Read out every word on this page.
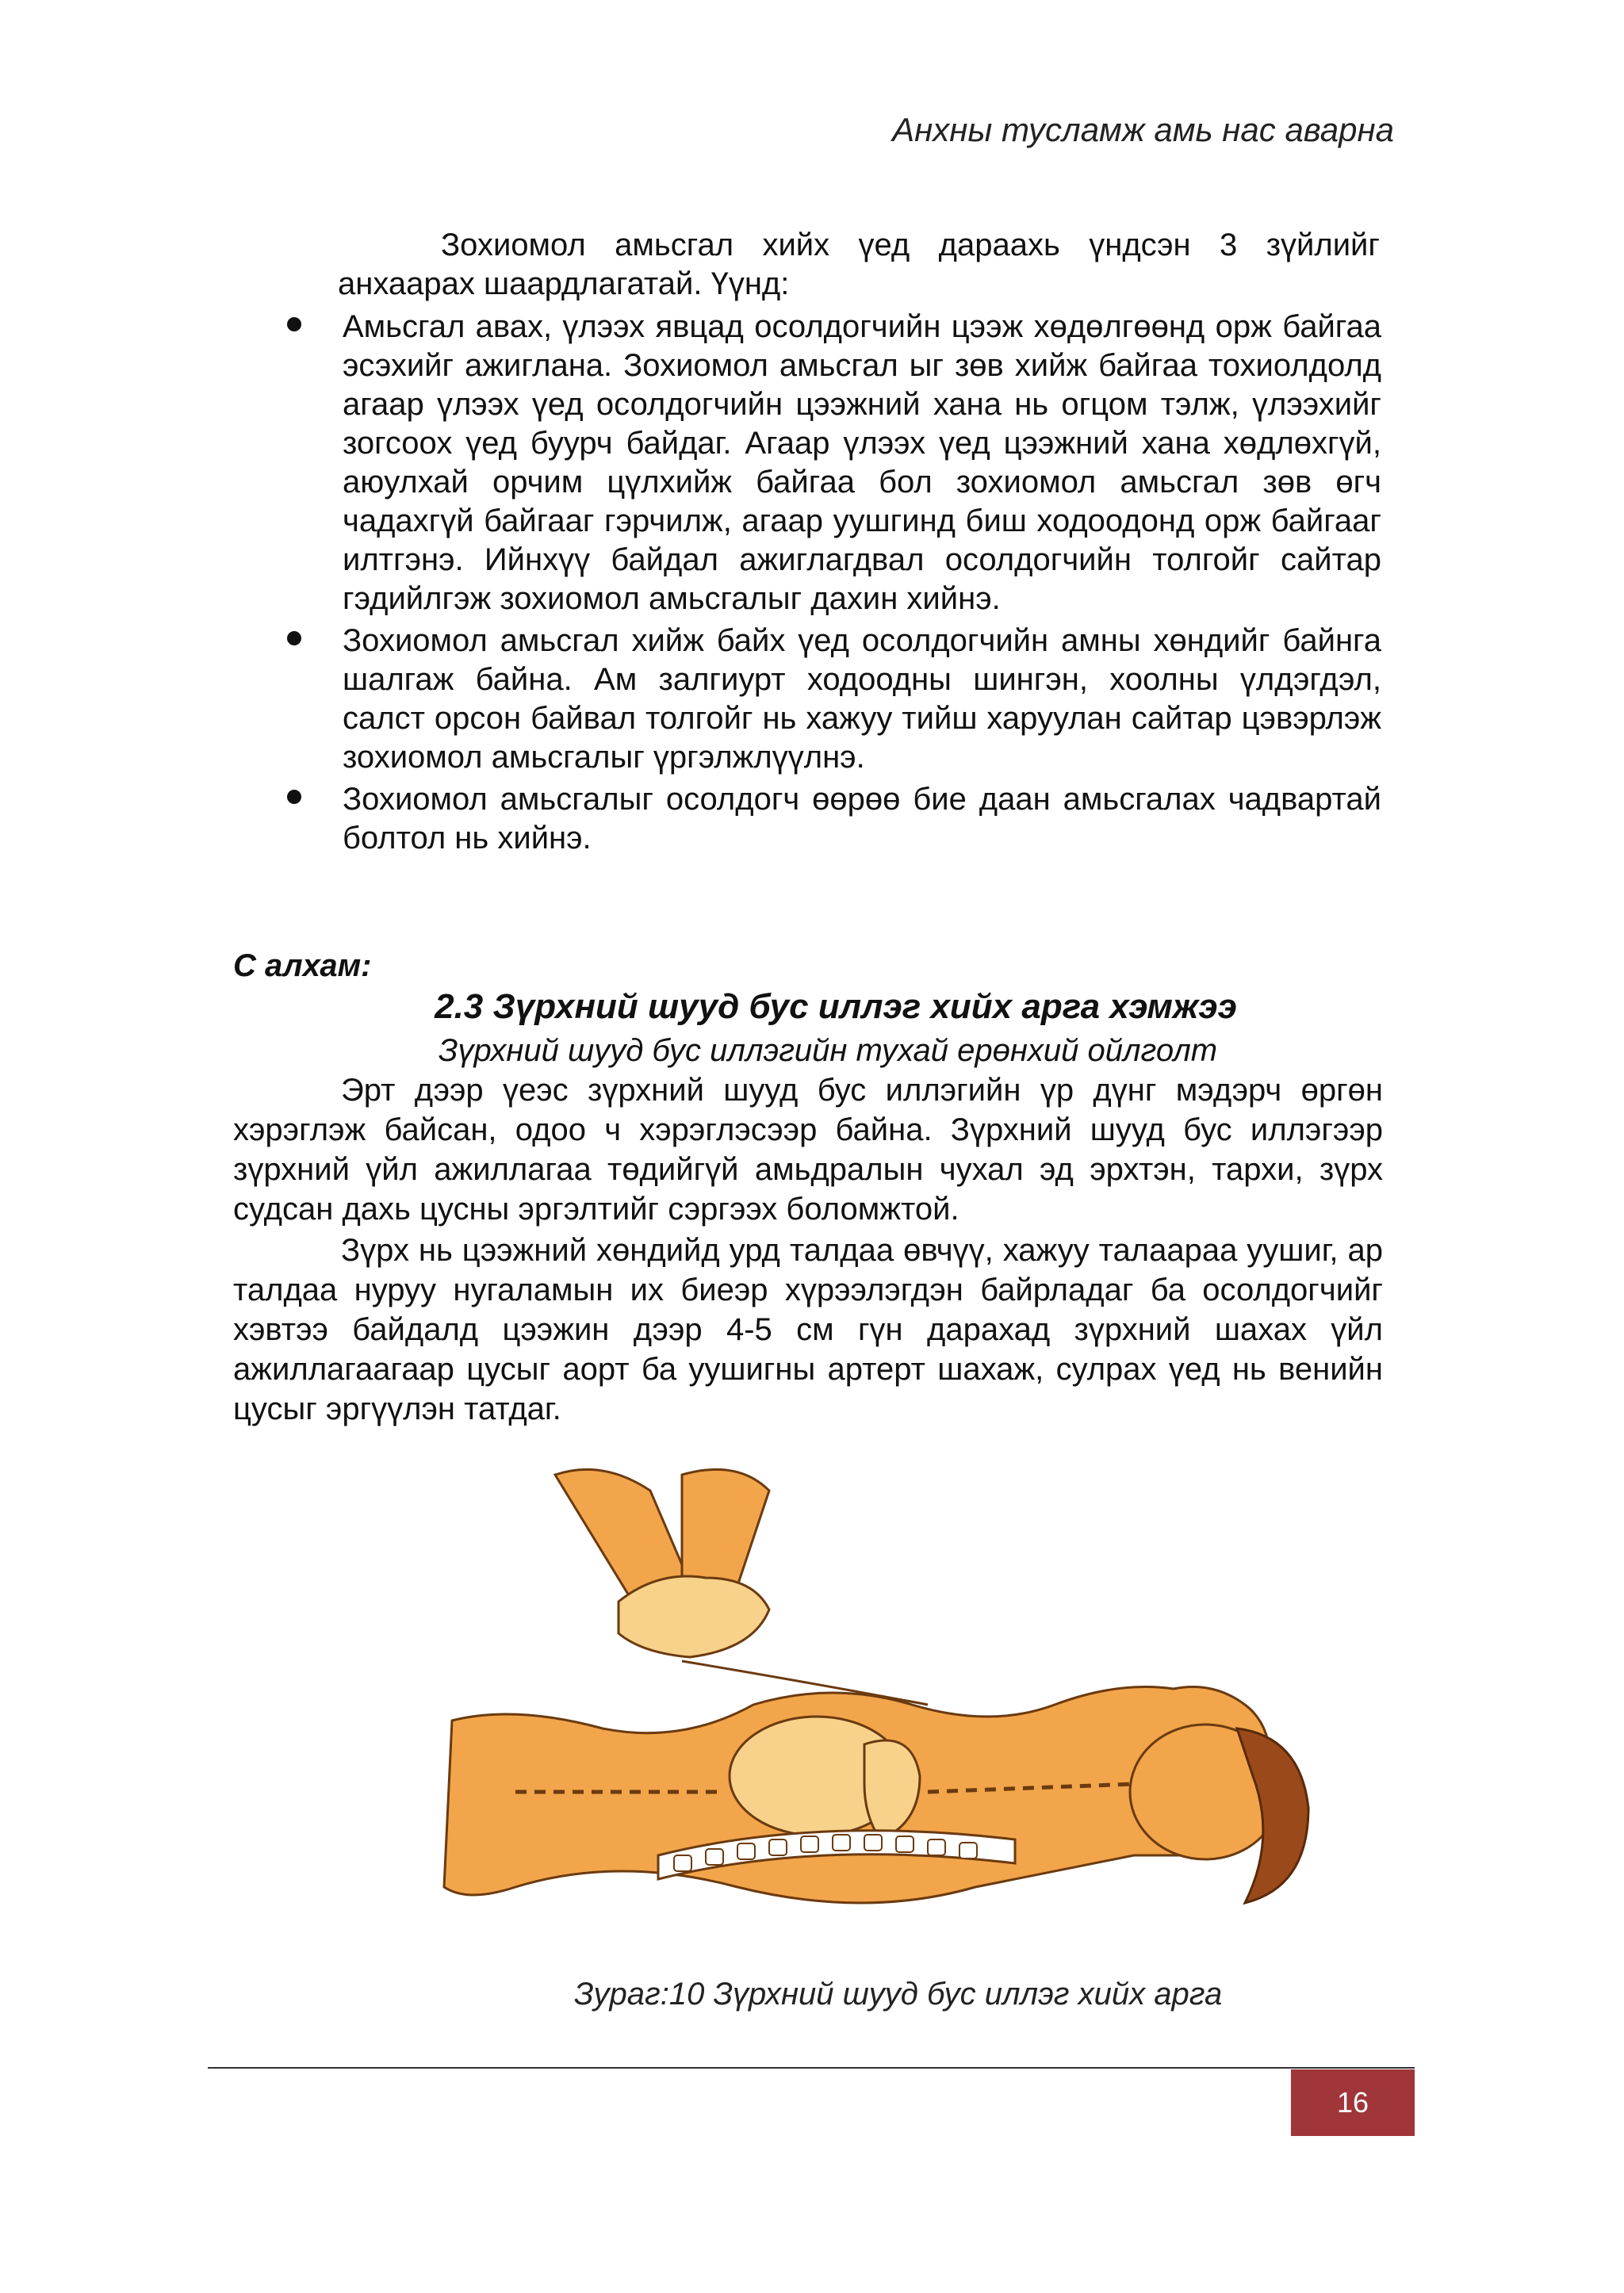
Анхны тусламж амь нас аварна

Зохиомол амьсгал хийх үед дараахь үндсэн 3 зүйлийг анхаарах шаардлагатай. Үүнд:

Амьсгал авах, үлээх явцад осолдогчийн цээж хөдөлгөөнд орж байгаа эсэхийг ажиглана. Зохиомол амьсгал ыг зөв хийж байгаа тохиолдолд агаар үлээх үед осолдогчийн цээжний хана нь огцом тэлж, үлээхийг зогсоох үед буурч байдаг. Агаар үлээх үед цээжний хана хөдлөхгүй, аюулхай орчим цүлхийж байгаа бол зохиомол амьсгал зөв өгч чадахгүй байгааг гэрчилж, агаар уушгинд биш ходоодонд орж байгааг илтгэнэ. Ийнхүү байдал ажиглагдвал осолдогчийн толгойг сайтар гэдийлгэж зохиомол амьсгалыг дахин хийнэ.
Зохиомол амьсгал хийж байх үед осолдогчийн амны хөндийг байнга шалгаж байна. Ам залгиурт ходоодны шингэн, хоолны үлдэгдэл, салст орсон байвал толгойг нь хажуу тийш харуулан сайтар цэвэрлэж зохиомол амьсгалыг үргэлжлүүлнэ.
Зохиомол амьсгалыг осолдогч өөрөө бие даан амьсгалах чадвартай болтол нь хийнэ.
С алхам:
2.3 Зүрхний шууд бус иллэг хийх арга хэмжээ
Зүрхний шууд бус иллэгийн тухай ерөнхий ойлголт

Эрт дээр үеэс зүрхний шууд бус иллэгийн үр дүнг мэдэрч өргөн хэрэглэж байсан, одоо ч хэрэглэсээр байна. Зүрхний шууд бус иллэгээр зүрхний үйл ажиллагаа төдийгүй амьдралын чухал эд эрхтэн, тархи, зүрх судсан дахь цусны эргэлтийг сэргээх боломжтой.

Зүрх нь цээжний хөндийд урд талдаа өвчүү, хажуу талаараа уушиг, ар талдаа нуруу нугаламын их биеэр хүрээлэгдэн байрладаг ба осолдогчийг хэвтээ байдалд цээжин дээр 4-5 см гүн дарахад зүрхний шахах үйл ажиллагаагаар цусыг аорт ба уушигны артерт шахаж, сулрах үед нь венийн цусыг эргүүлэн татдаг.

Зураг:10 Зүрхний шууд бус иллэг хийх арга
16
